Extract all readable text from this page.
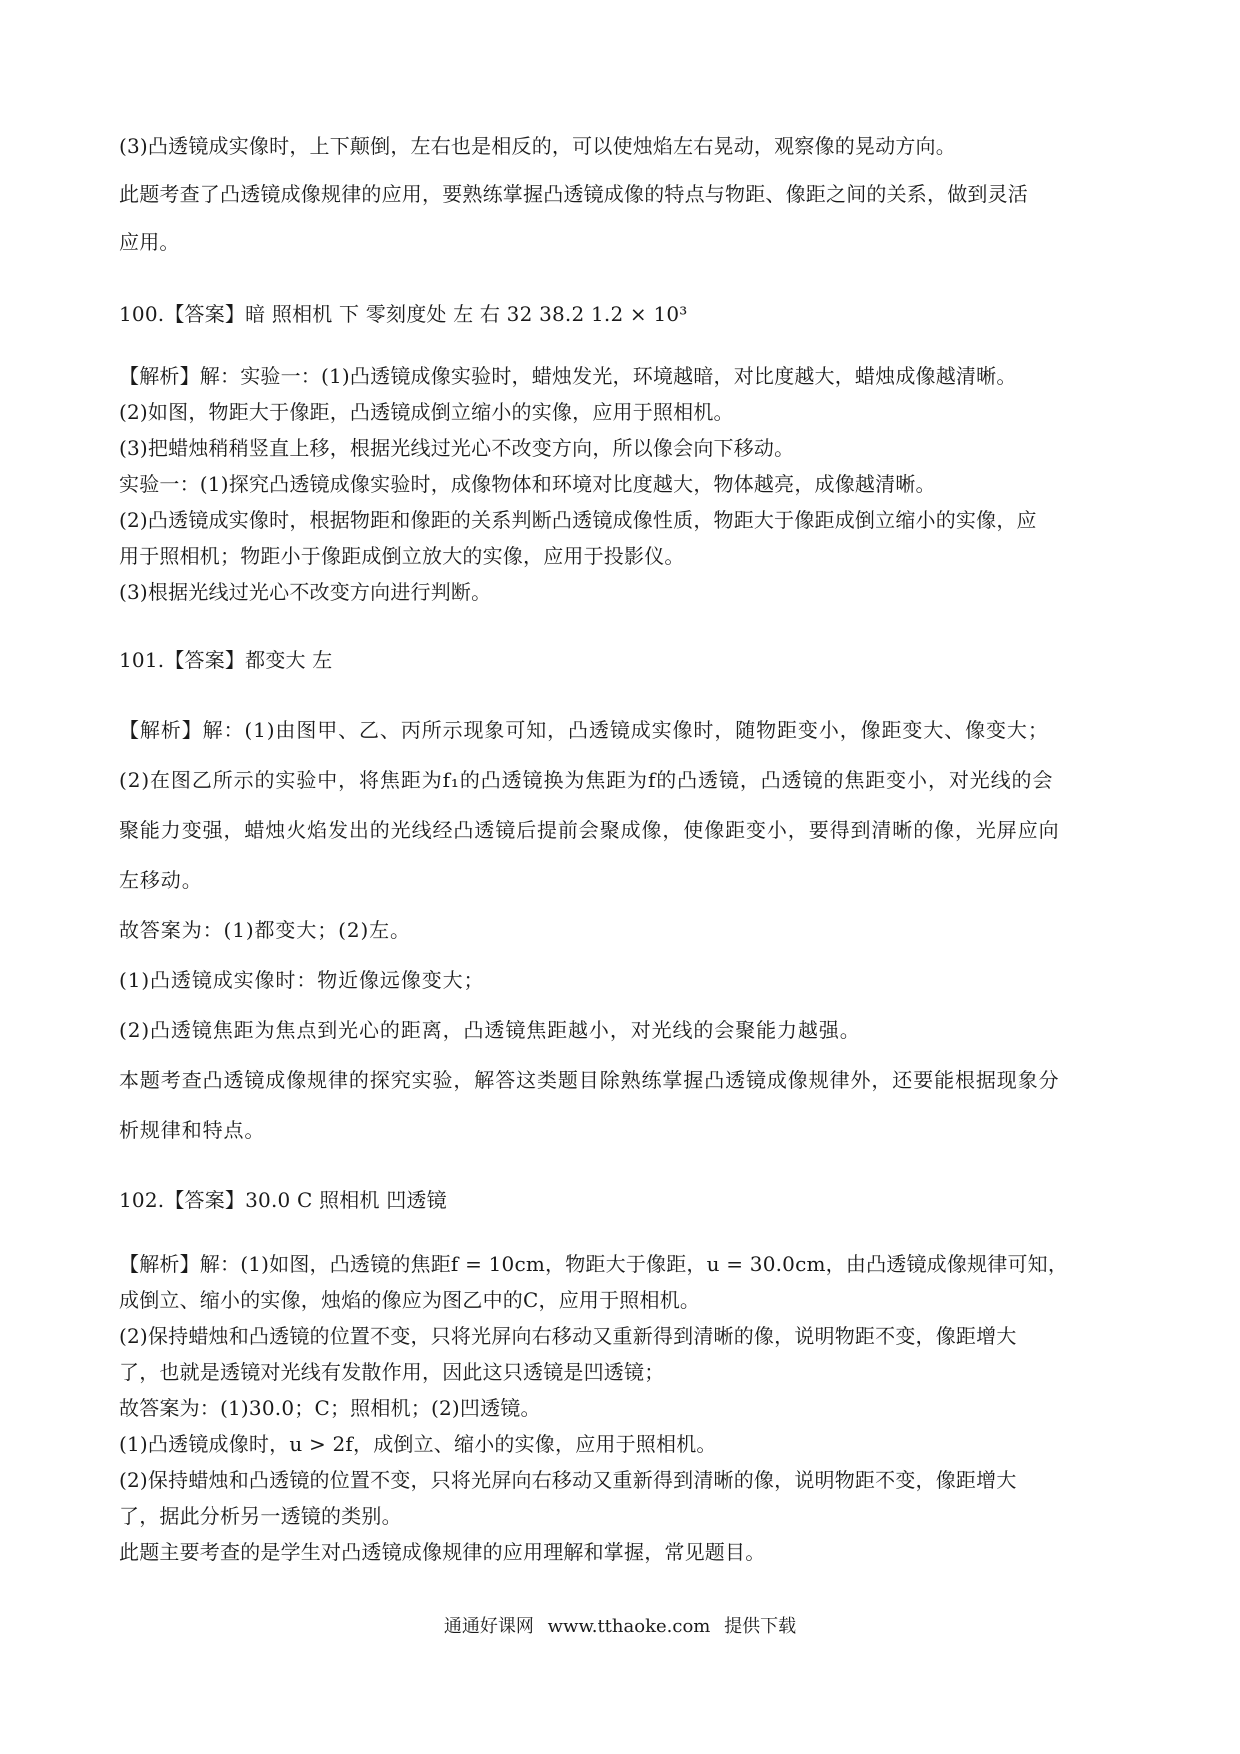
(3)凸透镜成实像时，上下颠倒，左右也是相反的，可以使烛焰左右晃动，观察像的晃动方向。
此题考查了凸透镜成像规律的应用，要熟练掌握凸透镜成像的特点与物距、像距之间的关系，做到灵活
应用。
100.【答案】暗 照相机 下 零刻度处 左 右 32 38.2 1.2 × 10³
【解析】解：实验一：(1)凸透镜成像实验时，蜡烛发光，环境越暗，对比度越大，蜡烛成像越清晰。
(2)如图，物距大于像距，凸透镜成倒立缩小的实像，应用于照相机。
(3)把蜡烛稍稍竖直上移，根据光线过光心不改变方向，所以像会向下移动。
实验一：(1)探究凸透镜成像实验时，成像物体和环境对比度越大，物体越亮，成像越清晰。
(2)凸透镜成实像时，根据物距和像距的关系判断凸透镜成像性质，物距大于像距成倒立缩小的实像，应
用于照相机；物距小于像距成倒立放大的实像，应用于投影仪。
(3)根据光线过光心不改变方向进行判断。
101.【答案】都变大 左
【解析】解：(1)由图甲、乙、丙所示现象可知，凸透镜成实像时，随物距变小，像距变大、像变大；
(2)在图乙所示的实验中，将焦距为f₁的凸透镜换为焦距为f的凸透镜，凸透镜的焦距变小，对光线的会
聚能力变强，蜡烛火焰发出的光线经凸透镜后提前会聚成像，使像距变小，要得到清晰的像，光屏应向
左移动。
故答案为：(1)都变大；(2)左。
(1)凸透镜成实像时：物近像远像变大；
(2)凸透镜焦距为焦点到光心的距离，凸透镜焦距越小，对光线的会聚能力越强。
本题考查凸透镜成像规律的探究实验，解答这类题目除熟练掌握凸透镜成像规律外，还要能根据现象分
析规律和特点。
102.【答案】30.0 C 照相机 凹透镜
【解析】解：(1)如图，凸透镜的焦距f = 10cm，物距大于像距，u = 30.0cm，由凸透镜成像规律可知，
成倒立、缩小的实像，烛焰的像应为图乙中的C，应用于照相机。
(2)保持蜡烛和凸透镜的位置不变，只将光屏向右移动又重新得到清晰的像，说明物距不变，像距增大
了，也就是透镜对光线有发散作用，因此这只透镜是凹透镜；
故答案为：(1)30.0；C；照相机；(2)凹透镜。
(1)凸透镜成像时，u > 2f，成倒立、缩小的实像，应用于照相机。
(2)保持蜡烛和凸透镜的位置不变，只将光屏向右移动又重新得到清晰的像，说明物距不变，像距增大
了，据此分析另一透镜的类别。
此题主要考查的是学生对凸透镜成像规律的应用理解和掌握，常见题目。
通通好课网 www.tthaoke.com 提供下载
